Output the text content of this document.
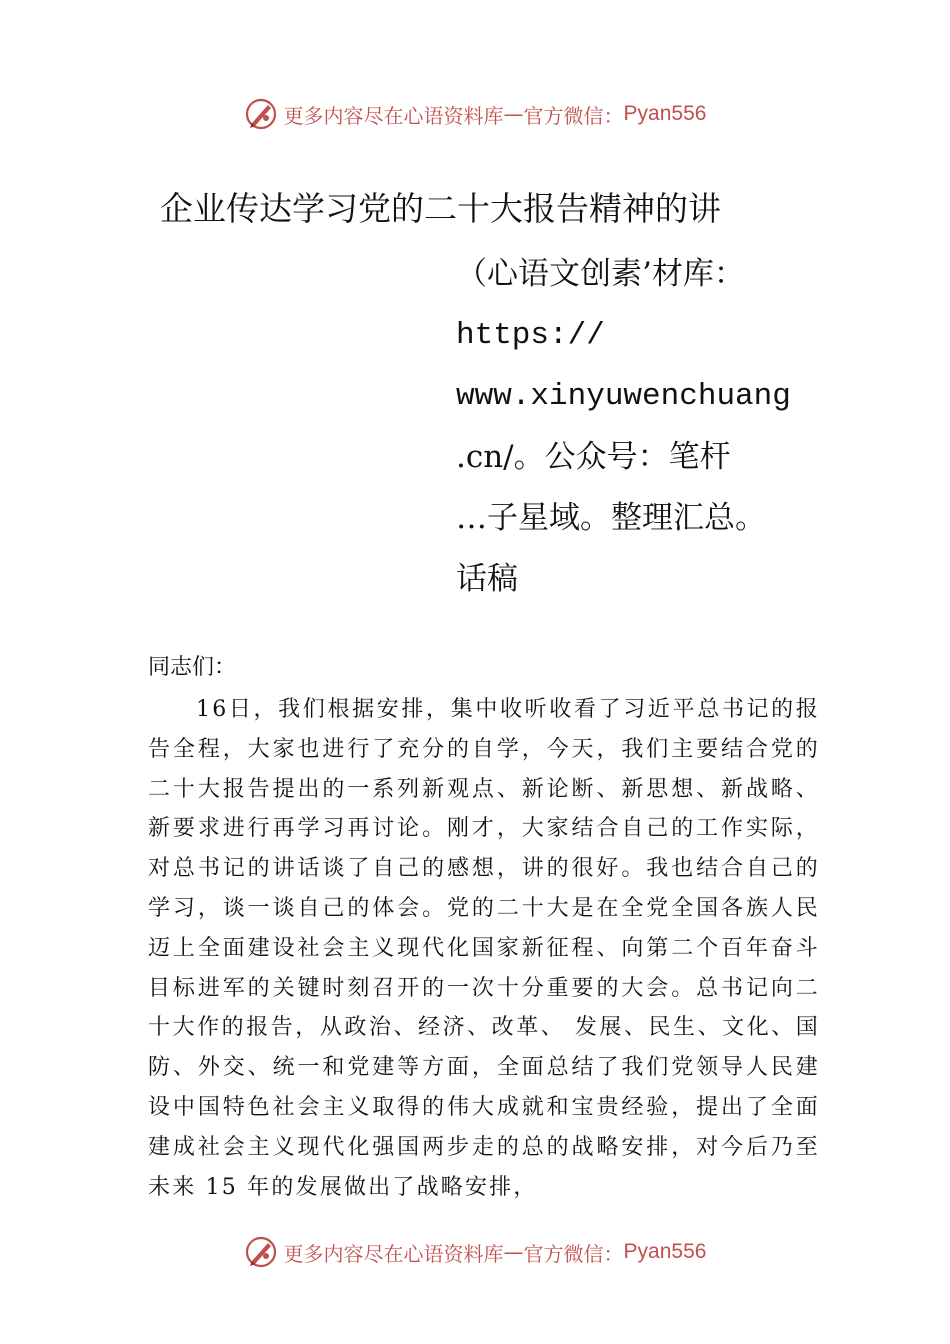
更多内容尽在心语资料库 — 官方微信： Pyan556
企业传达学习党的二十大报告精神的讲
（心语文创素’材库：
https://
www.xinyuwenchuang
.cn/。公众号：笔杆
…子星域。整理汇总。
话稿
同志们：

16日，我们根据安排，集中收听收看了习近平总书记的报告全程，大家也进行了充分的自学，今天，我们主要结合党的二十大报告提出的一系列新观点、新论断、新思想、新战略、新要求进行再学习再讨论。刚才，大家结合自己的工作实际，对总书记的讲话谈了自己的感想，讲的很好。我也结合自己的学习，谈一谈自己的体会。党的二十大是在全党全国各族人民迈上全面建设社会主义现代化国家新征程、向第二个百年奋斗目标进军的关键时刻召开的一次十分重要的大会。总书记向二十大作的报告，从政治、经济、改革、 发展、民生、文化、国防、外交、统一和党建等方面，全面总结了我们党领导人民建设中国特色社会主义取得的伟大成就和宝贵经验，提出了全面建成社会主义现代化强国两步走的总的战略安排，对今后乃至未来 15 年的发展做出了战略安排，

更多内容尽在心语资料库 — 官方微信： Pyan556
